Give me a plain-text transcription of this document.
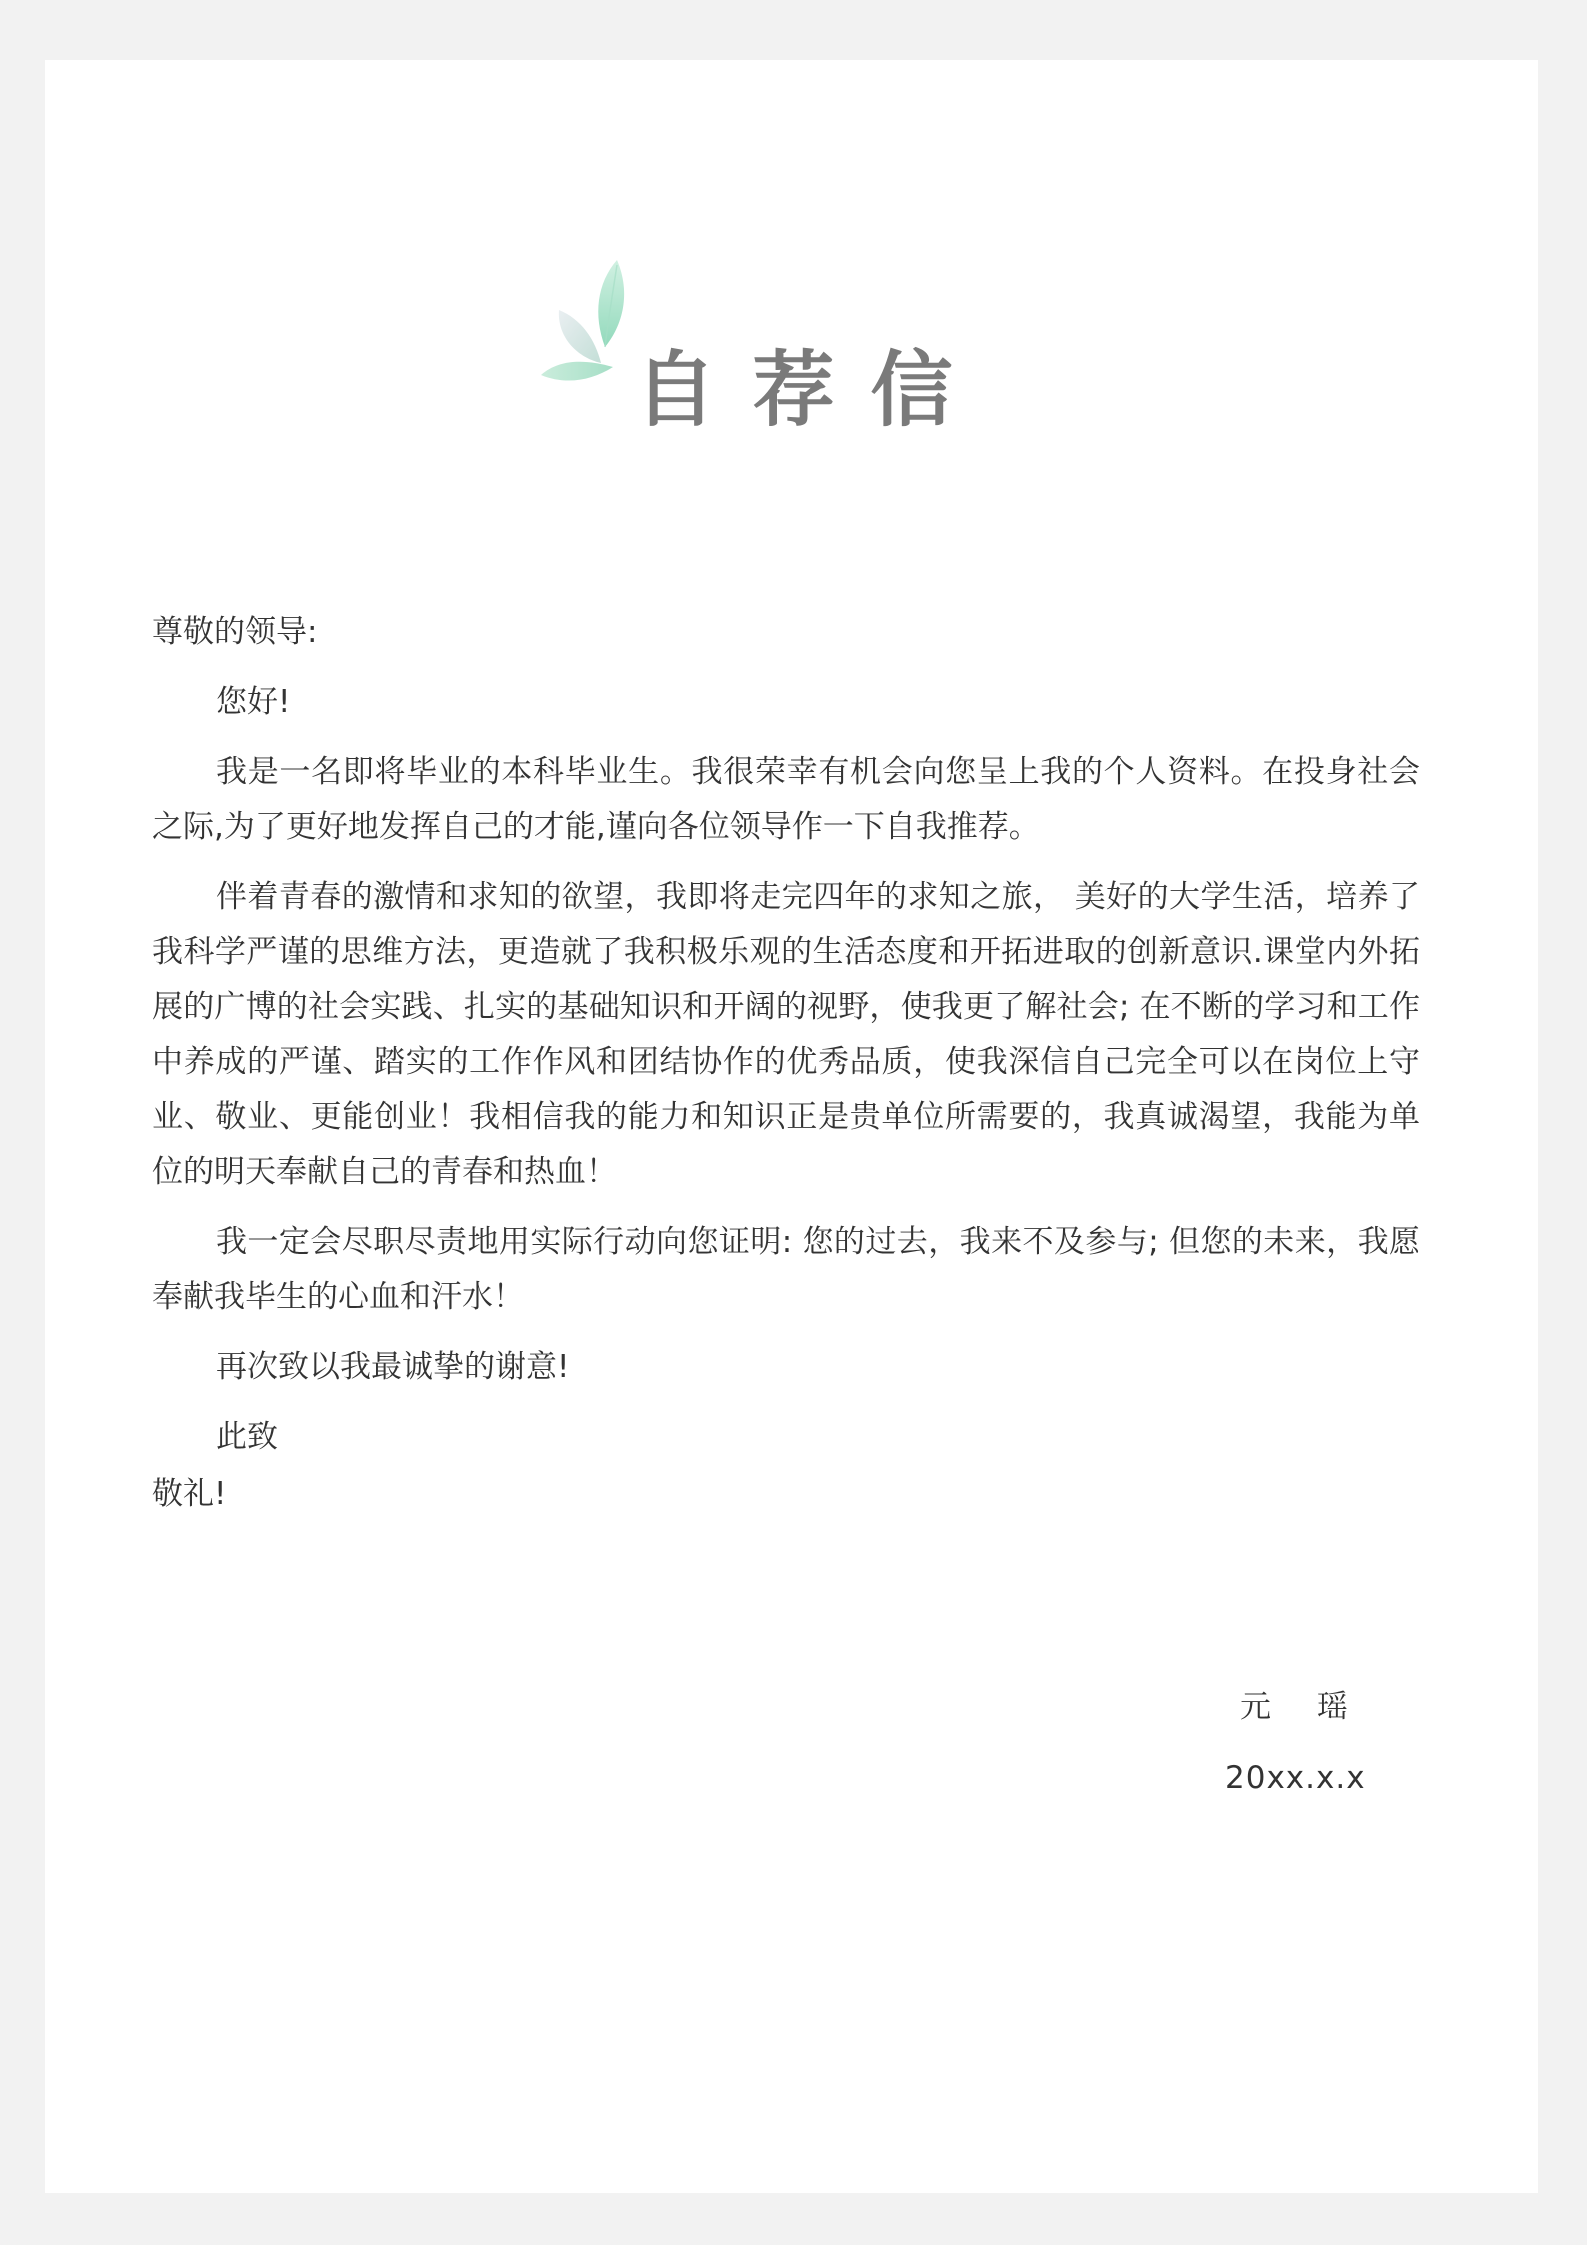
自荐信

尊敬的领导:

您好!

我是一名即将毕业的本科毕业生。我很荣幸有机会向您呈上我的个人资料。在投身社会之际,为了更好地发挥自己的才能,谨向各位领导作一下自我推荐。

伴着青春的激情和求知的欲望，我即将走完四年的求知之旅， 美好的大学生活，培养了我科学严谨的思维方法，更造就了我积极乐观的生活态度和开拓进取的创新意识.课堂内外拓展的广博的社会实践、扎实的基础知识和开阔的视野，使我更了解社会; 在不断的学习和工作中养成的严谨、踏实的工作作风和团结协作的优秀品质，使我深信自己完全可以在岗位上守业、敬业、更能创业！我相信我的能力和知识正是贵单位所需要的，我真诚渴望，我能为单位的明天奉献自己的青春和热血！

我一定会尽职尽责地用实际行动向您证明: 您的过去，我来不及参与; 但您的未来，我愿奉献我毕生的心血和汗水！

再次致以我最诚挚的谢意!

此致

敬礼!

元 瑶
20xx.x.x
